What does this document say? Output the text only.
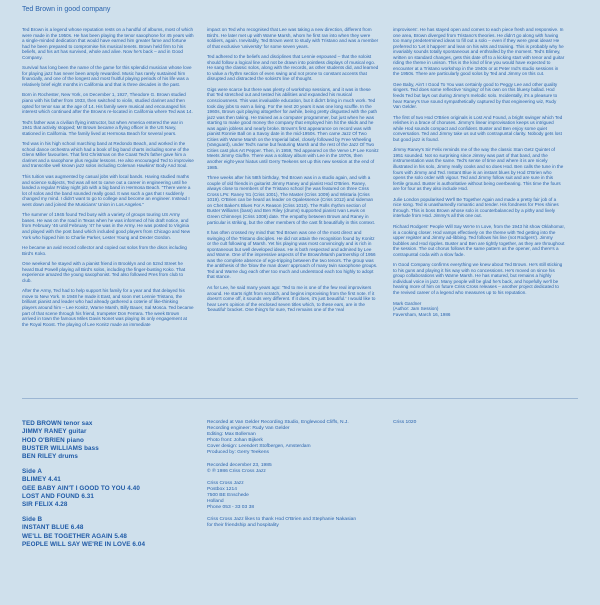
Ted Brown in good company

Ted Brown is a legend whose reputation rests on a handful of albums, most of which were made in the 1950s. He has been playing the tenor saxophone for 45 years with a single-minded dedication that would have earned him greater fame and fortune had he been prepared to compromise his musical tenets. Brown held firm to his beliefs, and his art has survived, whole and alive. Now he's back – and in Good Company.

Survival has long been the name of the game for this splendid musician whose love for playing jazz has never been amply rewarded. Music has rarely sustained him financially, and one of the longest and most fruitful playing periods of his life was a relatively brief eight months in California and that is three decades in the past.

Born in Rochester, New York, on December 1, 1927, Theodore G. Brown studied piano with his father from 1933, then switched to violin, studied clarinet and then opted for tenor sax at the age of 14. His family were musical and encouraged his interest which continued after the Browns re-located in California where Ted was 14.

Ted's father was a civilian flying instructor, but when America entered the war in 1941 that activity stopped; Mr Brown became a flying officer in the US Navy, stationed in California. The family lived at Hermosa Beach for several years.

Ted was in his high school marching band at Redondo Beach, and worked in the school dance orchestra which had a book of big band charts including some of the Glenn Miller favourites. That first Christmas on the Coast Ted's father gave him a clarinet and a saxophone plus regular lessons. He also encouraged Ted to improvise and transcribe well known jazz solos including Coleman Hawkins' Body And Soul.

This tuition was augmented by casual jobs with local bands. Having studied maths and science subjects, Ted was all set to carve out a career in engineering until he landed a regular Friday night job with a big band in Hermosa Beach. "There were a lot of solos and the band sounded really good. It was such a gas that I suddenly changed my mind. I didn't want to go to college and become an engineer. Instead I went down and joined the Musicians' Union in Los Angeles."

The summer of 1945 found Ted busy with a variety of groups touring US Army bases. He was on the road in Texas when he was informed of his draft notice, and from February '46 until February '47 he was in the Army. He was posted to Virginia and played with the post band which included good players from Chicago and New York who hipped him to Charlie Parker, Lester Young and Dexter Gordon.

He became an avid record collector and copied out solos from the discs including Bird's Koko.

One weekend he stayed with a pianist friend in Brooklyn and on 52nd Street he heard Bud Powell playing all Bird's solos, including the finger-busting Koko. That experience amazed the young saxophonist. Ted also followed Pres from club to club.

After the Army, Ted had to help support his family for a year and that delayed his move to New York. In 1948 he made it East, and soon met Lennie Tristano, the brilliant pianist and leader who had already gathered a coterie of like-thinking players around him – Lee Konitz, Warne Marsh, Billy Bauer, Sal Mosca. Ted became part of that scene through his friend, trumpeter Don Ferrara. The week Brown arrived in town the famous Miles Davis Nonet was playing its only engagement at the Royal Roost. The playing of Lee Konitz made an immediate

impact on Ted who recognised that Lee was taking a new direction, different from Bird's. He later met up with Warne Marsh, whom he first ran into when they were soldiers, again. Inevitably, Ted Brown went to study with Tristano and was a member of that exclusive 'university' for some seven years.

Ted adhered to the beliefs and disciplines that Lennie espoused – that the soloist should follow a logical line and not be drawn into pointless displays of musical ego. He sang the classic solos, along with the records, as other students did, and learned to value a rhythm section of even swing and not prone to constant accents that disrupted and distracted the soloist's line of thought.

Gigs were scarce but there was plenty of workshop sessions, and it was in these that Ted stretched out and tested his abilities and expanded his musical consciousness. This was invaluable education, but it didn't bring in much work. Ted took day jobs to earn a living. For the next 20 years it was one long scuffle. In the 1960s, Brown quit playing altogether for awhile, being pretty disgusted with the path jazz was then taking. He trained as a computer programmer, but just when he was starting to make good money the company that employed him hit the skids and he was again jobless and nearly broke. Brown's first appearance on record was with pianist Ronnie Ball on a Savoy date in the mid-1950s. Then came Jazz Of Two Cities with Warne Marsh on the Imperial label, closely followed by Free Wheeling (Vanguard), under Ted's name but featuring Marsh and the rest of the Jazz Of Two Cities cast plus Art Pepper. Then, in 1959, Ted appeared on the Verve LP Lee Konitz Meets Jimmy Giuffre. There was a solitary album with Lee in the 1970s, then another eight-year hiatus until Gerry Teekens set up this new session at the end of 1985.

Three weeks after his 58th birthday, Ted Brown was in a studio again, and with a couple of old friends in guitarist Jimmy Raney and pianist Hod O'Brien. Raney, always close to members of the Tristano school (he was featured on three Criss Cross LPs: Raney '81 (Criss 1001), The Master (Criss 1009) and Wistaria (Criss 1019). O'Brien can be heard as leader on Opalessence (Criss 1012) and sideman on Chet Baker's Blues For A Reason (Criss 1010). The Rolls rhythm section of Buster Williams (bass) and Ben Riley (drums) supported pianist Ivan Lewis on Green Chimneys (Criss 1008) date. The empathy between Brown and Raney in particular is striking, but the other members of the cast fit beautifully in this context.

It has often crossed my mind that Ted Brown was one of the most direct and swinging of the Tristano disciples. He did not attain the recognition found by Konitz or the cult following of Marsh. Yet his playing was most convincingly and is rich in spontaneous but well developed ideas. He is both respected and admired by Lee and Warne. One of the impressive aspects of the Brown/Marsh partnership of 1956 was the complete absence of ego-tripping between the two tenors. The group was the antithesis of the 'blow the man down' approach of many twin saxophone groups. Ted and Warne dug each other too much and understood each too highly to adopt that stance.

As for Lee, he said many years ago: 'Ted to me is one of the few real improvisers around. He starts right from scratch, and begins improvising from the first note. If it doesn't come off, it sounds very different. If it does, it's just beautiful.' I would like to hear Lee's opinion of the enclosed seven titles which, to these ears, are in the 'beautiful' bracket. One thing's for sure, Ted remains one of the 'real

improvisers'. He has stayed open and comes to each piece fresh and responsive. In one area, Brown diverged from Tristano's theories. He didn't go along with having too many predetermined ideas to fill out a solo – even if they were great ideas! He preferred to 'Let it happen' and lean on his wits and training. This is probably why he invariably sounds totally spontaneous and enthralled by the moment. Ted's Blimey, written on standard changes, gets this date off to a kicking start with tenor and guitar riding the theme in unison. This is the kind of line you would have expected to encounter at a Tristano workshop in the 1940s or at Peter Ind's studio sessions in the 1950s. There are particularly good solos by Ted and Jimmy on this cut.

Gee Baby, Ain't I Good To You was certainly good to Peggy Lee and other quality singers. Ted does some reflective 'singing' of his own on this bluesy ballad. Hod feeds Ted but lays out during Jimmy's melodic solo. Incidentally, it's a pleasure to hear Raney's true sound sympathetically captured by that engineering wiz, Rudy Van Gelder.

The first of two Hod O'Brien originals is Lost And Found, a bright swinger which Ted relishes in a brace of choruses. Jimmy's linear improvisation keeps us intrigued while Hod sounds compact and confident. Buster and Ben enjoy some quiet conversation. Ted and Jimmy take us out with contrapuntal clarity. Nobody gets lost but good jazz is found.

Jimmy Raney's Sir Felix reminds me of the way the classic Stan Getz Quintet of 1951 sounded. Not so surprising since Jimmy was part of that band, and the instrumentation was the same. Ted's sense of time and where it is are nicely illustrated in his solo, Jimmy really cooks and so does Hod. Ben calls the tune in the fours with Jimmy and Ted. Instant Blue is an instant blues by Hod O'Brien who opens the solo order with vigour. Ted and Jimmy follow suit and are sure in this fertile ground. Buster is authoritative without being overbearing. This time the fours are for four as they also include Hod.

Julie London popularised We'll Be Together Again and made a pretty fair job of a nice song. Ted is unashamedly romantic and tender. His fondness for Pres shines through. This is boss Brown whose solo is counterbalanced by a pithy and lively interlude from Hod. Jimmy's all this one out.

Richard Rodgers' People Will Say We're In Love, from the 1943 hit show Oklahoma!, is a cooking closer. Hod vamps effectively on the theme with Ted getting into the upper register and Jimmy ad-libbing. Ted follows his line (not Rodgers'). Jimmy bubbles and Hod ripples. Buster and Ben are tightly together, as they are throughout the session. The out chorus follows the same pattern as the opener, and there's a contrapuntal coda with a slow fade.

In Good Company confirms everything we knew about Ted Brown. He's still sticking to his guns and playing it his way with no concessions. He's moved on since his group collaborations with Warne Marsh. He has matured, but remains a highly individual voice in jazz. Many people will be glad he's back, and hopefully we'll be hearing more of him on future Criss Cross releases – another project dedicated to the revived career of a legend who measures up to his reputation.

Mark Gardner

(Author: Jam Session)

Faversham, March 16, 1986

TED BROWN tenor sax
JIMMY RANEY guitar
HOD O'BRIEN piano
BUSTER WILLIAMS bass
BEN RILEY drums
Side A
BLIMEY 4.41
GEE BABY AIN'T I GOOD TO YOU 4.40
LOST AND FOUND 6.31
SIR FELIX 4.28
Side B
INSTANT BLUE 6.48
WE'LL BE TOGETHER AGAIN 5.48
PEOPLE WILL SAY WE'RE IN LOVE 6.04
Recorded at Van Gelder Recording Studio, Englewood Cliffs, N.J.
Recording engineer: Rudy Van Gelder
Editing: Max Bolleman
Photo front: Johan Bijkerk
Cover design: Leendert Stofbergen, Amsterdam
Produced by: Gerry Teekens
Recorded december 23, 1985
© ℗ 1986 Criss Cross Jazz
Criss Cross Jazz
Postbox 1214
7500 BE Enschede
Holland
Phone 053 - 33 03 38
Criss Cross Jazz likes to thank Hod O'Brien and Stephanie Nakasian
for their friendship and hospitality
Criss 1020
